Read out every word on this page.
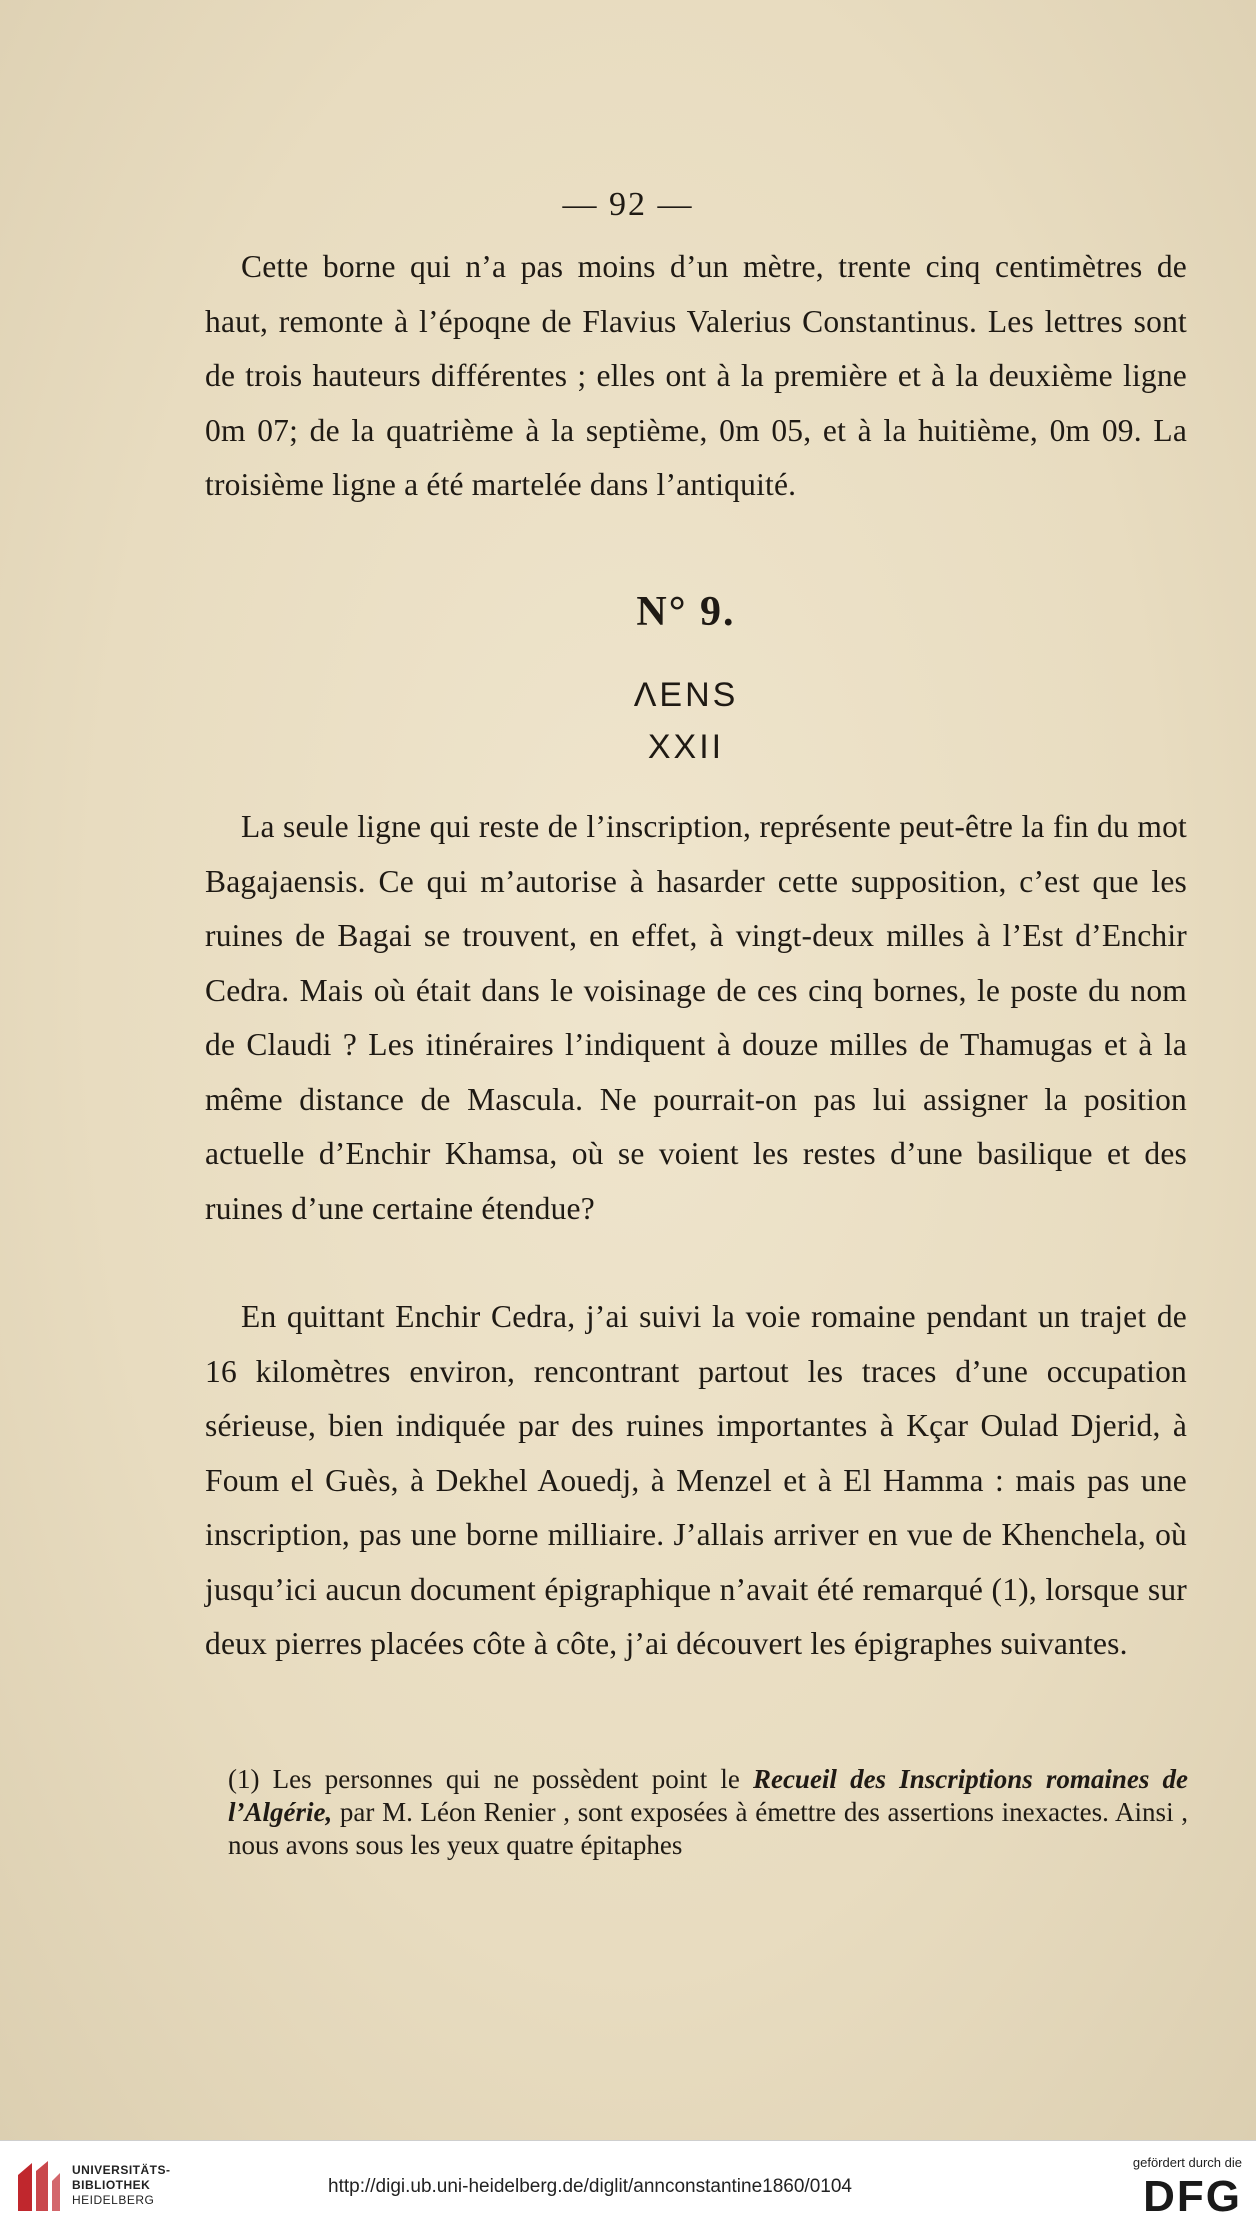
— 92 —

Cette borne qui n’a pas moins d’un mètre, trente cinq centimètres de haut, remonte à l’époqne de Flavius Valerius Constantinus. Les lettres sont de trois hauteurs différentes ; elles ont à la première et à la deuxième ligne 0m 07; de la quatrième à la septième, 0m 05, et à la huitième, 0m 09. La troisième ligne a été martelée dans l’antiquité.

N° 9.
ΛENS
XXII

La seule ligne qui reste de l’inscription, représente peut-être la fin du mot Bagajaensis. Ce qui m’autorise à hasarder cette supposition, c’est que les ruines de Bagai se trouvent, en effet, à vingt-deux milles à l’Est d’Enchir Cedra. Mais où était dans le voisinage de ces cinq bornes, le poste du nom de Claudi ? Les itinéraires l’indiquent à douze milles de Thamugas et à la même distance de Mascula. Ne pourrait-on pas lui assigner la position actuelle d’Enchir Khamsa, où se voient les restes d’une basilique et des ruines d’une certaine étendue?

En quittant Enchir Cedra, j’ai suivi la voie romaine pendant un trajet de 16 kilomètres environ, rencontrant partout les traces d’une occupation sérieuse, bien indiquée par des ruines importantes à Kçar Oulad Djerid, à Foum el Guès, à Dekhel Aouedj, à Menzel et à El Hamma : mais pas une inscription, pas une borne milliaire. J’allais arriver en vue de Khenchela, où jusqu’ici aucun document épigraphique n’avait été remarqué (1), lorsque sur deux pierres placées côte à côte, j’ai découvert les épigraphes suivantes.

(1) Les personnes qui ne possèdent point le Recueil des Inscriptions romaines de l’Algérie, par M. Léon Renier , sont exposées à émettre des assertions inexactes. Ainsi , nous avons sous les yeux quatre épitaphes

UNIVERSITÄTS-
BIBLIOTHEK
HEIDELBERG
http://digi.ub.uni-heidelberg.de/diglit/annconstantine1860/0104
gefördert durch die
DFG
